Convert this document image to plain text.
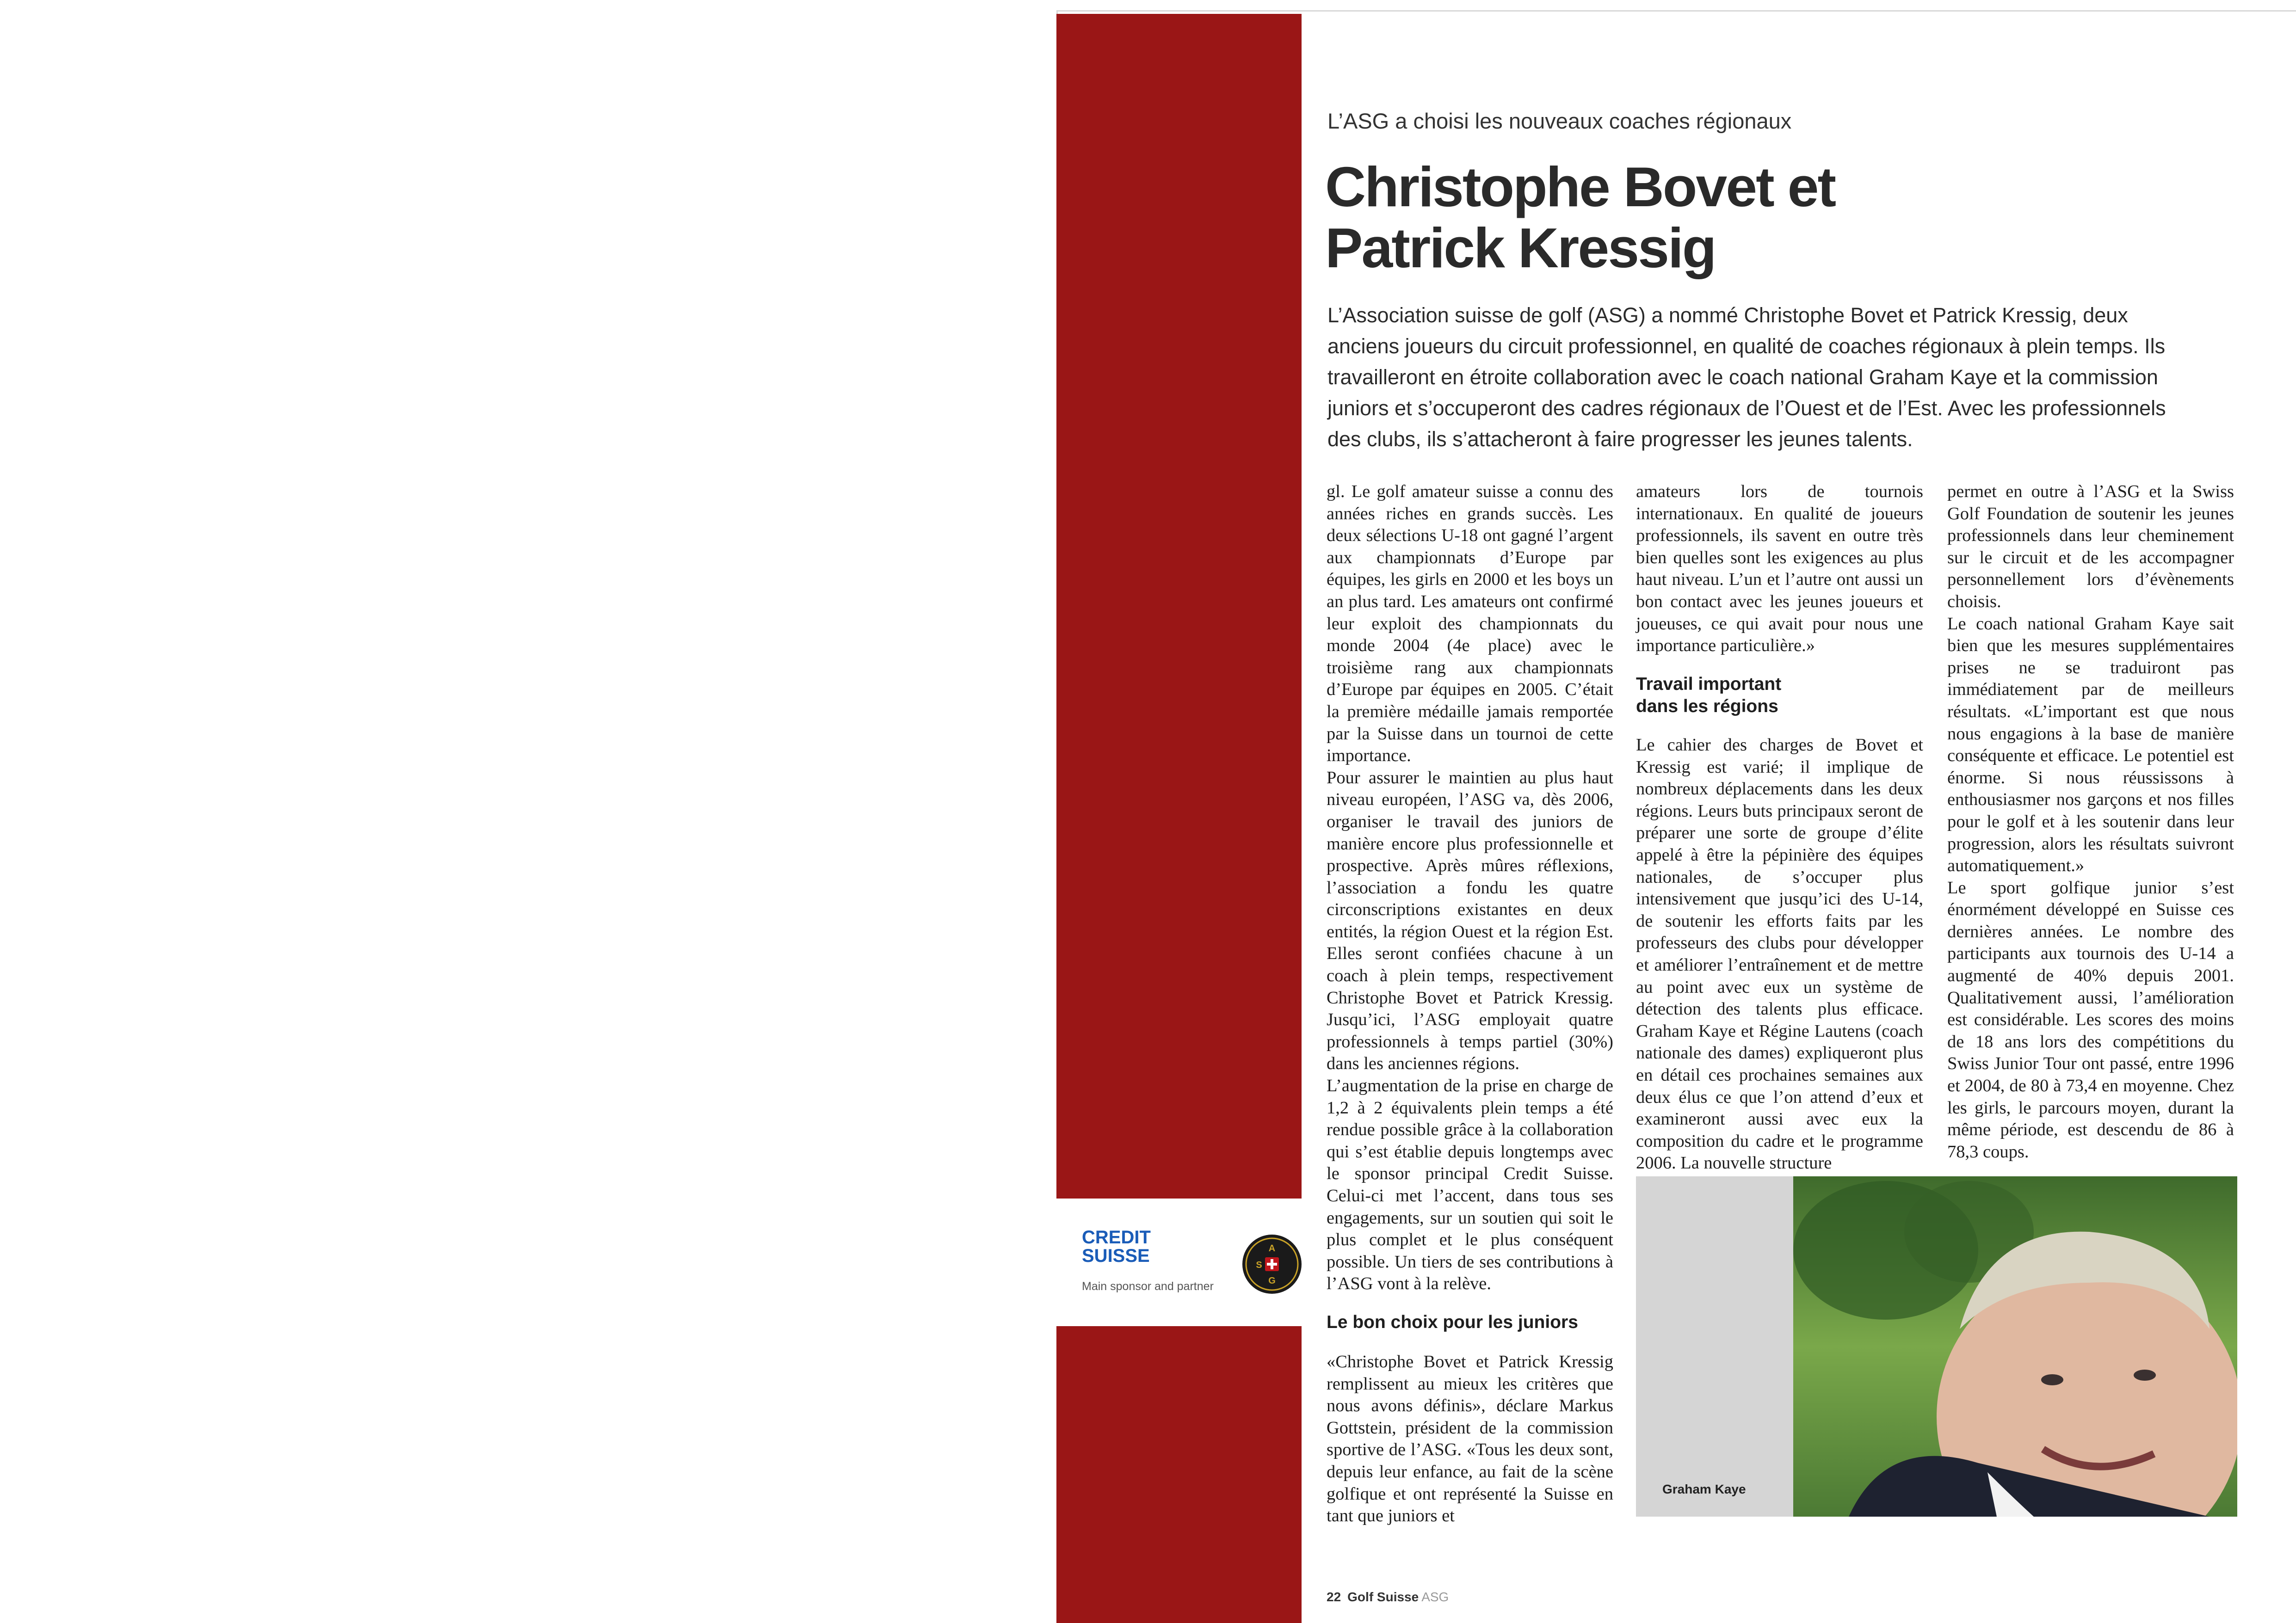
CREDIT
SUISSE
Main sponsor and partner
A
S
G
L’ASG a choisi les nouveaux coaches régionaux
Christophe Bovet et
Patrick Kressig

L’Association suisse de golf (ASG) a nommé Christophe Bovet et Patrick Kressig, deux
anciens joueurs du circuit professionnel, en qualité de coaches régionaux à plein temps. Ils
travailleront en étroite collaboration avec le coach national Graham Kaye et la commission
juniors et s’occuperont des cadres régionaux de l’Ouest et de l’Est. Avec les professionnels
des clubs, ils s’attacheront à faire progresser les jeunes talents.

gl. Le golf amateur suisse a connu des années riches en grands succès. Les deux sélections U-18 ont gagné l’argent aux championnats d’Europe par équipes, les girls en 2000 et les boys un an plus tard. Les amateurs ont confirmé leur exploit des championnats du monde 2004 (4e place) avec le troisième rang aux championnats d’Europe par équipes en 2005. C’était la première médaille jamais remportée par la Suisse dans un tournoi de cette importance.

Pour assurer le maintien au plus haut niveau européen, l’ASG va, dès 2006, organiser le travail des juniors de manière encore plus professionnelle et prospective. Après mûres réflexions, l’association a fondu les quatre circonscriptions existantes en deux entités, la région Ouest et la région Est. Elles seront confiées chacune à un coach à plein temps, respectivement Christophe Bovet et Patrick Kressig. Jusqu’ici, l’ASG employait quatre professionnels à temps partiel (30%) dans les anciennes régions.

L’augmentation de la prise en charge de 1,2 à 2 équivalents plein temps a été rendue possible grâce à la collaboration qui s’est établie depuis longtemps avec le sponsor principal Credit Suisse. Celui-ci met l’accent, dans tous ses engagements, sur un soutien qui soit le plus complet et le plus conséquent possible. Un tiers de ses contributions à l’ASG vont à la relève.

Le bon choix pour les juniors

«Christophe Bovet et Patrick Kressig remplissent au mieux les critères que nous avons définis», déclare Markus Gottstein, président de la commission sportive de l’ASG. «Tous les deux sont, depuis leur enfance, au fait de la scène golfique et ont représenté la Suisse en tant que juniors et

amateurs lors de tournois internationaux. En qualité de joueurs professionnels, ils savent en outre très bien quelles sont les exigences au plus haut niveau. L’un et l’autre ont aussi un bon contact avec les jeunes joueurs et joueuses, ce qui avait pour nous une importance particulière.»

Travail important
dans les régions

Le cahier des charges de Bovet et Kressig est varié; il implique de nombreux déplacements dans les deux régions. Leurs buts principaux seront de préparer une sorte de groupe d’élite appelé à être la pépinière des équipes nationales, de s’occuper plus intensivement que jusqu’ici des U-14, de soutenir les efforts faits par les professeurs des clubs pour développer et améliorer l’entraînement et de mettre au point avec eux un système de détection des talents plus efficace. Graham Kaye et Régine Lautens (coach nationale des dames) expliqueront plus en détail ces prochaines semaines aux deux élus ce que l’on attend d’eux et examineront aussi avec eux la composition du cadre et le programme 2006. La nouvelle structure

permet en outre à l’ASG et la Swiss Golf Foundation de soutenir les jeunes professionnels dans leur cheminement sur le circuit et de les accompagner personnellement lors d’évènements choisis.

Le coach national Graham Kaye sait bien que les mesures supplémentaires prises ne se traduiront pas immédiatement par de meilleurs résultats. «L’important est que nous nous engagions à la base de manière conséquente et efficace. Le potentiel est énorme. Si nous réussissons à enthousiasmer nos garçons et nos filles pour le golf et à les soutenir dans leur progression, alors les résultats suivront automatiquement.»

Le sport golfique junior s’est énormément développé en Suisse ces dernières années. Le nombre des participants aux tournois des U-14 a augmenté de 40% depuis 2001. Qualitativement aussi, l’amélioration est considérable. Les scores des moins de 18 ans lors des compétitions du Swiss Junior Tour ont passé, entre 1996 et 2004, de 80 à 73,4 en moyenne. Chez les girls, le parcours moyen, durant la même période, est descendu de 86 à 78,3 coups.

Graham Kaye
22 Golf Suisse ASG
